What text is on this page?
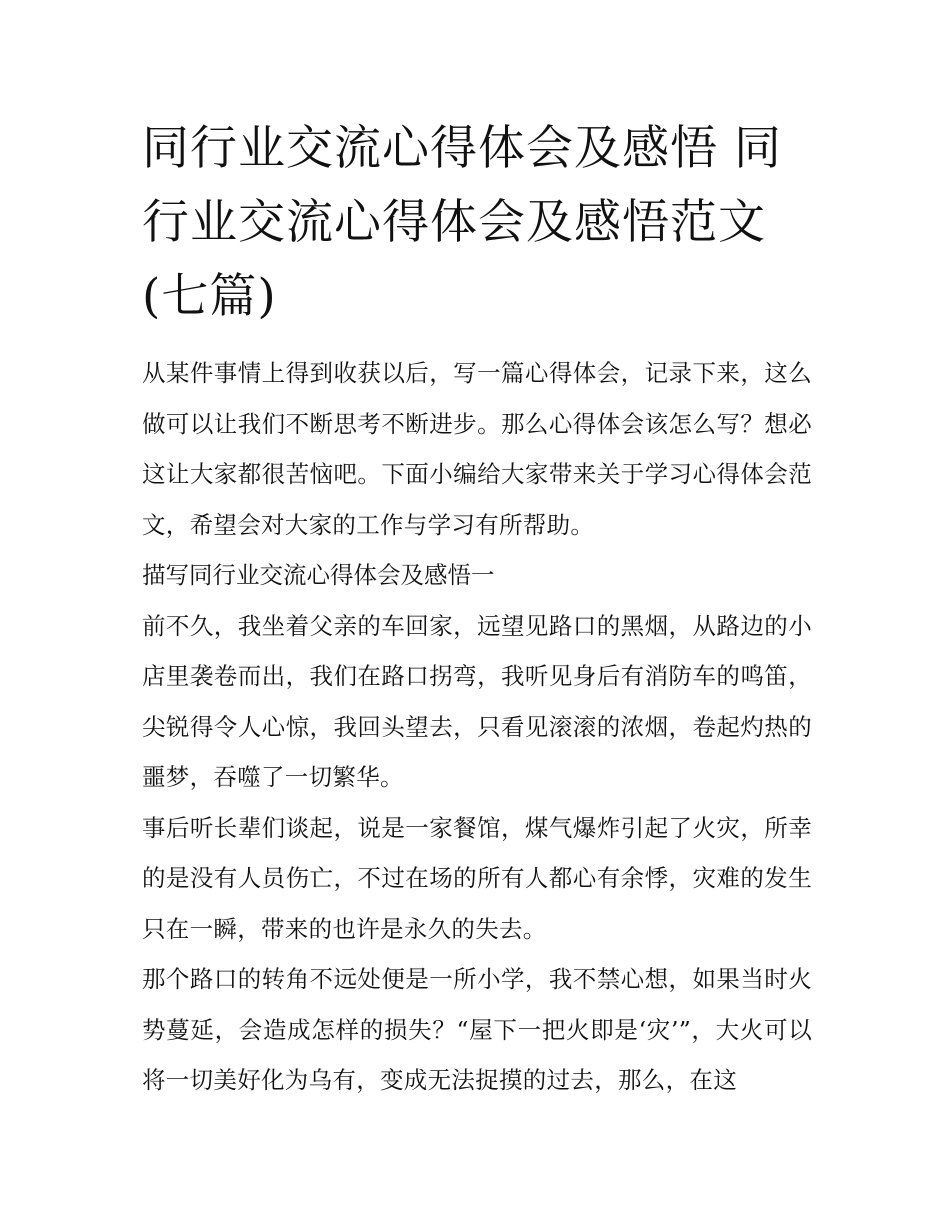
同行业交流心得体会及感悟 同行业交流心得体会及感悟范文(七篇)

从某件事情上得到收获以后，写一篇心得体会，记录下来，这么做可以让我们不断思考不断进步。那么心得体会该怎么写？想必这让大家都很苦恼吧。下面小编给大家带来关于学习心得体会范文，希望会对大家的工作与学习有所帮助。

描写同行业交流心得体会及感悟一

前不久，我坐着父亲的车回家，远望见路口的黑烟，从路边的小店里袭卷而出，我们在路口拐弯，我听见身后有消防车的鸣笛，尖锐得令人心惊，我回头望去，只看见滚滚的浓烟，卷起灼热的噩梦，吞噬了一切繁华。

事后听长辈们谈起，说是一家餐馆，煤气爆炸引起了火灾，所幸的是没有人员伤亡，不过在场的所有人都心有余悸，灾难的发生只在一瞬，带来的也许是永久的失去。

那个路口的转角不远处便是一所小学，我不禁心想，如果当时火势蔓延，会造成怎样的损失？“屋下一把火即是‘灾’”，大火可以将一切美好化为乌有，变成无法捉摸的过去，那么，在这
